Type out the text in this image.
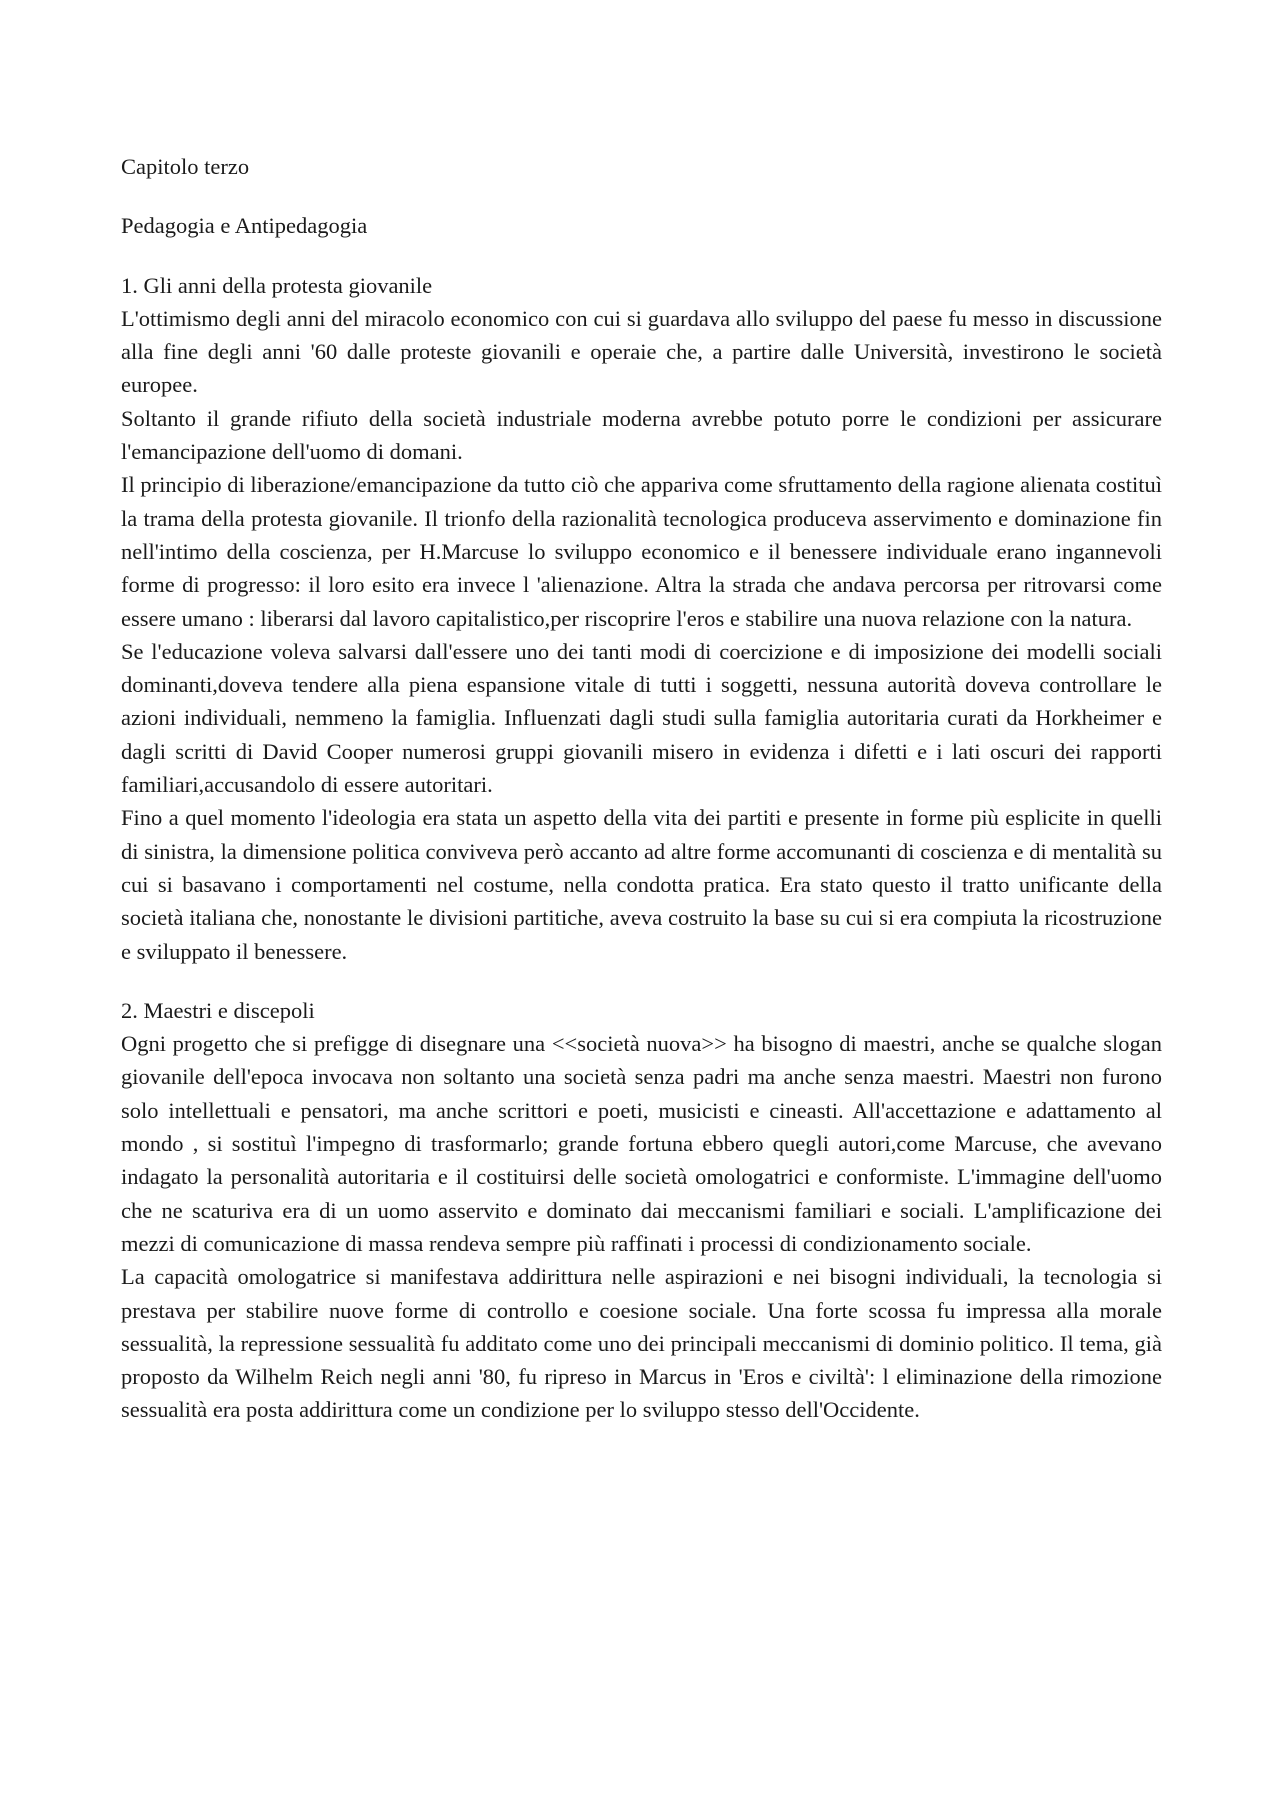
Capitolo terzo

Pedagogia e Antipedagogia

1. Gli anni della protesta giovanile

L'ottimismo degli anni del miracolo economico con cui si guardava allo sviluppo del paese fu messo in discussione alla fine degli anni '60 dalle proteste giovanili e operaie che, a partire dalle Università, investirono le società europee.

Soltanto il grande rifiuto della società industriale moderna avrebbe potuto porre le condizioni per assicurare l'emancipazione dell'uomo di domani.

Il principio di liberazione/emancipazione da tutto ciò che appariva come sfruttamento della ragione alienata costituì la trama della protesta giovanile. Il trionfo della razionalità tecnologica produceva asservimento e dominazione fin nell'intimo della coscienza, per H.Marcuse lo sviluppo economico e il benessere individuale erano ingannevoli forme di progresso: il loro esito era invece l 'alienazione. Altra la strada che andava percorsa per ritrovarsi come essere umano : liberarsi dal lavoro capitalistico,per riscoprire l'eros e stabilire una nuova relazione con la natura.

Se l'educazione voleva salvarsi dall'essere uno dei tanti modi di coercizione e di imposizione dei modelli sociali dominanti,doveva tendere alla piena espansione vitale di tutti i soggetti, nessuna autorità doveva controllare le azioni individuali, nemmeno la famiglia. Influenzati dagli studi sulla famiglia autoritaria curati da Horkheimer e dagli scritti di David Cooper numerosi gruppi giovanili misero in evidenza i difetti e i lati oscuri dei rapporti familiari,accusandolo di essere autoritari.

Fino a quel momento l'ideologia era stata un aspetto della vita dei partiti e presente in forme più esplicite in quelli di sinistra, la dimensione politica conviveva però accanto ad altre forme accomunanti di coscienza e di mentalità su cui si basavano i comportamenti nel costume, nella condotta pratica. Era stato questo il tratto unificante della società italiana che, nonostante le divisioni partitiche, aveva costruito la base su cui si era compiuta la ricostruzione e sviluppato il benessere.

2. Maestri e discepoli

Ogni progetto che si prefigge di disegnare una <<società nuova>> ha bisogno di maestri, anche se qualche slogan giovanile dell'epoca invocava non soltanto una società senza padri ma anche senza maestri. Maestri non furono solo intellettuali e pensatori, ma anche scrittori e poeti, musicisti e cineasti. All'accettazione e adattamento al mondo , si sostituì l'impegno di trasformarlo; grande fortuna ebbero quegli autori,come Marcuse, che avevano indagato la personalità autoritaria e il costituirsi delle società omologatrici e conformiste. L'immagine dell'uomo che ne scaturiva era di un uomo asservito e dominato dai meccanismi familiari e sociali. L'amplificazione dei mezzi di comunicazione di massa rendeva sempre più raffinati i processi di condizionamento sociale.

La capacità omologatrice si manifestava addirittura nelle aspirazioni e nei bisogni individuali, la tecnologia si prestava per stabilire nuove forme di controllo e coesione sociale. Una forte scossa fu impressa alla morale sessualità, la repressione sessualità fu additato come uno dei principali meccanismi di dominio politico. Il tema, già proposto da Wilhelm Reich negli anni '80, fu ripreso in Marcus in 'Eros e civiltà': l eliminazione della rimozione sessualità era posta addirittura come un condizione per lo sviluppo stesso dell'Occidente.
